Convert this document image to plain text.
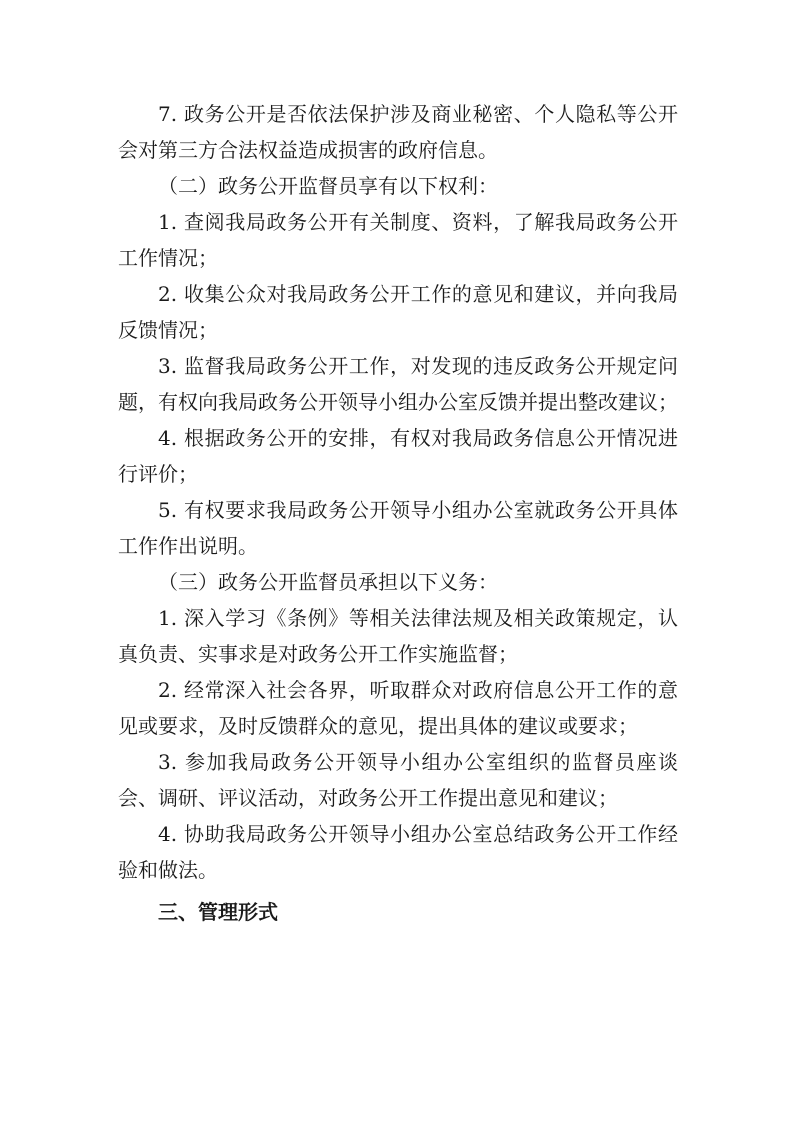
7. 政务公开是否依法保护涉及商业秘密、个人隐私等公开会对第三方合法权益造成损害的政府信息。

（二）政务公开监督员享有以下权利：

1. 查阅我局政务公开有关制度、资料，了解我局政务公开工作情况；

2. 收集公众对我局政务公开工作的意见和建议，并向我局反馈情况；

3. 监督我局政务公开工作，对发现的违反政务公开规定问题，有权向我局政务公开领导小组办公室反馈并提出整改建议；

4. 根据政务公开的安排，有权对我局政务信息公开情况进行评价；

5. 有权要求我局政务公开领导小组办公室就政务公开具体工作作出说明。

（三）政务公开监督员承担以下义务：

1. 深入学习《条例》等相关法律法规及相关政策规定，认真负责、实事求是对政务公开工作实施监督；

2. 经常深入社会各界，听取群众对政府信息公开工作的意见或要求，及时反馈群众的意见，提出具体的建议或要求；

3. 参加我局政务公开领导小组办公室组织的监督员座谈会、调研、评议活动，对政务公开工作提出意见和建议；

4. 协助我局政务公开领导小组办公室总结政务公开工作经验和做法。

三、管理形式
